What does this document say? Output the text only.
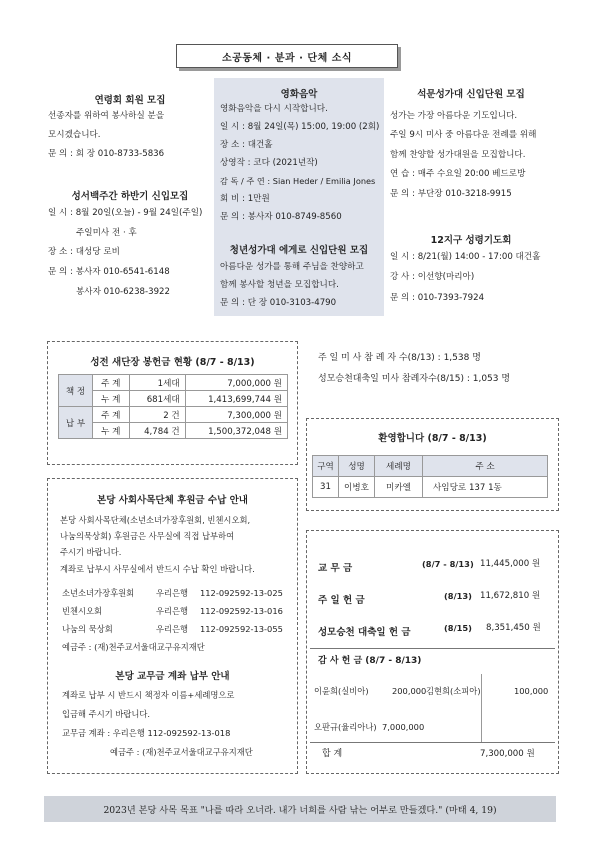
소공동체 · 분과 · 단체 소식
연령회 회원 모집
선종자를 위하여 봉사하실 분을
모시겠습니다.
문 의 : 회 장 010-8733-5836
성서백주간 하반기 신입모집
일 시 : 8월 20일(오늘) - 9월 24일(주일)
주일미사 전 · 후
장 소 : 대성당 로비
문 의 : 봉사자 010-6541-6148
봉사자 010-6238-3922
영화음악
영화음악을 다시 시작합니다.
일 시 : 8월 24일(목) 15:00, 19:00 (2회)
장 소 : 대건홀
상영작 : 코다 (2021년작)
감 독 / 주 연 : Sian Heder / Emilia Jones
회 비 : 1만원
문 의 : 봉사자 010-8749-8560
청년성가대 에게로 신입단원 모집
아름다운 성가를 통해 주님을 찬양하고
함께 봉사할 청년을 모집합니다.
문 의 : 단 장 010-3103-4790
석문성가대 신입단원 모집
성가는 가장 아름다운 기도입니다.
주일 9시 미사 중 아름다운 전례를 위해
함께 찬양할 성가대원을 모집합니다.
연 습 : 매주 수요일 20:00 베드로방
문 의 : 부단장 010-3218-9915
12지구 성령기도회
일 시 : 8/21(월) 14:00 - 17:00 대건홀
강 사 : 이선향(마리아)
문 의 : 010-7393-7924
성전 새단장 봉헌금 현황 (8/7 - 8/13)
책 정	주 계	1세대	7,000,000 원
	누 계	681세대	1,413,699,744 원
납 부	주 계	2 건	7,300,000 원
	누 계	4,784 건	1,500,372,048 원
주 일 미 사 참 례 자 수(8/13) : 1,538 명
성모승천대축일 미사 참례자수(8/15) : 1,053 명
환영합니다 (8/7 - 8/13)
구역	성명	세례명	주 소
31	이병호	미카엘	사임당로 137 1동
본당 사회사목단체 후원금 수납 안내
본당 사회사목단체(소년소녀가장후원회, 빈첸시오회,
나눔의묵상회) 후원금은 사무실에 직접 납부하여
주시기 바랍니다.
계좌로 납부시 사무실에서 반드시 수납 확인 바랍니다.
소년소녀가장후원회	우리은행 112-092592-13-025
빈첸시오회	우리은행 112-092592-13-016
나눔의 묵상회	우리은행 112-092592-13-055
예금주 : (재)천주교서울대교구유지재단
본당 교무금 계좌 납부 안내
계좌로 납부 시 반드시 책정자 이름+세례명으로
입금해 주시기 바랍니다.
교무금 계좌 : 우리은행 112-092592-13-018
예금주 : (재)천주교서울대교구유지재단
교 무 금	(8/7 - 8/13) 11,445,000 원
주 일 헌 금	(8/13) 11,672,810 원
성모승천 대축일 헌 금	(8/15) 8,351,450 원
감 사 헌 금 (8/7 - 8/13)
이윤희(실비아)	200,000 김현희(소피아)	100,000
오판규(율리아나) 7,000,000
합 계	7,300,000 원
2023년 본당 사목 목표 "나를 따라 오너라. 내가 너희를 사람 낚는 어부로 만들겠다." (마태 4, 19)
